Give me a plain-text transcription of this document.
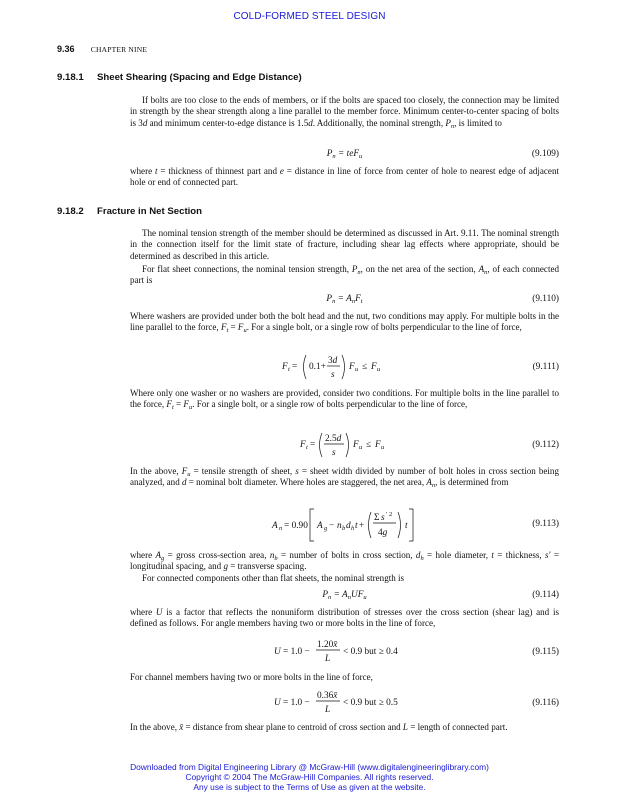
COLD-FORMED STEEL DESIGN
9.36 CHAPTER NINE
9.18.1 Sheet Shearing (Spacing and Edge Distance)
If bolts are too close to the ends of members, or if the bolts are spaced too closely, the connection may be limited in strength by the shear strength along a line parallel to the member force. Minimum center-to-center spacing of bolts is 3d and minimum center-to-edge distance is 1.5d. Additionally, the nominal strength, $P_n$, is limited to
$P_n = teF_u$	(9.109)
where t = thickness of thinnest part and e = distance in line of force from center of hole to nearest edge of adjacent hole or end of connected part.
9.18.2 Fracture in Net Section
The nominal tension strength of the member should be determined as discussed in Art. 9.11. The nominal strength in the connection itself for the limit state of fracture, including shear lag effects where appropriate, should be determined as described in this article.
For flat sheet connections, the nominal tension strength, $P_n$, on the net area of the section, $A_n$, of each connected part is
$P_n = A_nF_t$	(9.110)
Where washers are provided under both the bolt head and the nut, two conditions may apply. For multiple bolts in the line parallel to the force, $F_t = F_u$. For a single bolt, or a single row of bolts perpendicular to the line of force,
F t = 0.1+
3d
s
F u ≤ F u	(9.111)
Where only one washer or no washers are provided, consider two conditions. For multiple bolts in the line parallel to the force, $F_t = F_u$. For a single bolt, or a single row of bolts perpendicular to the line of force,
F t =
2.5d
s
F u ≤ F u	(9.112)
In the above, $F_u$ = tensile strength of sheet, s = sheet width divided by number of bolt holes in cross section being analyzed, and d = nominal bolt diameter. Where holes are staggered, the net area, $A_n$, is determined from
A n = 0.90 A g − n b d h t +
Σ s ′ 2
4g
t	(9.113)
where $A_g$ = gross cross-section area, $n_b$ = number of bolts in cross section, $d_h$ = hole diameter, t = thickness, s′ = longitudinal spacing, and g = transverse spacing.
For connected components other than flat sheets, the nominal strength is
$P_n = A_nUF_u$	(9.114)
where U is a factor that reflects the nonuniform distribution of stresses over the cross section (shear lag) and is defined as follows. For angle members having two or more bolts in the line of force,
U = 1.0 −
1.20x̄
L
< 0.9 but ≥ 0.4	(9.115)
For channel members having two or more bolts in the line of force,
U = 1.0 −
0.36x̄
L
< 0.9 but ≥ 0.5	(9.116)
In the above, x̄ = distance from shear plane to centroid of cross section and L = length of connected part.
Downloaded from Digital Engineering Library @ McGraw-Hill (www.digitalengineeringlibrary.com)
Copyright © 2004 The McGraw-Hill Companies. All rights reserved.
Any use is subject to the Terms of Use as given at the website.
